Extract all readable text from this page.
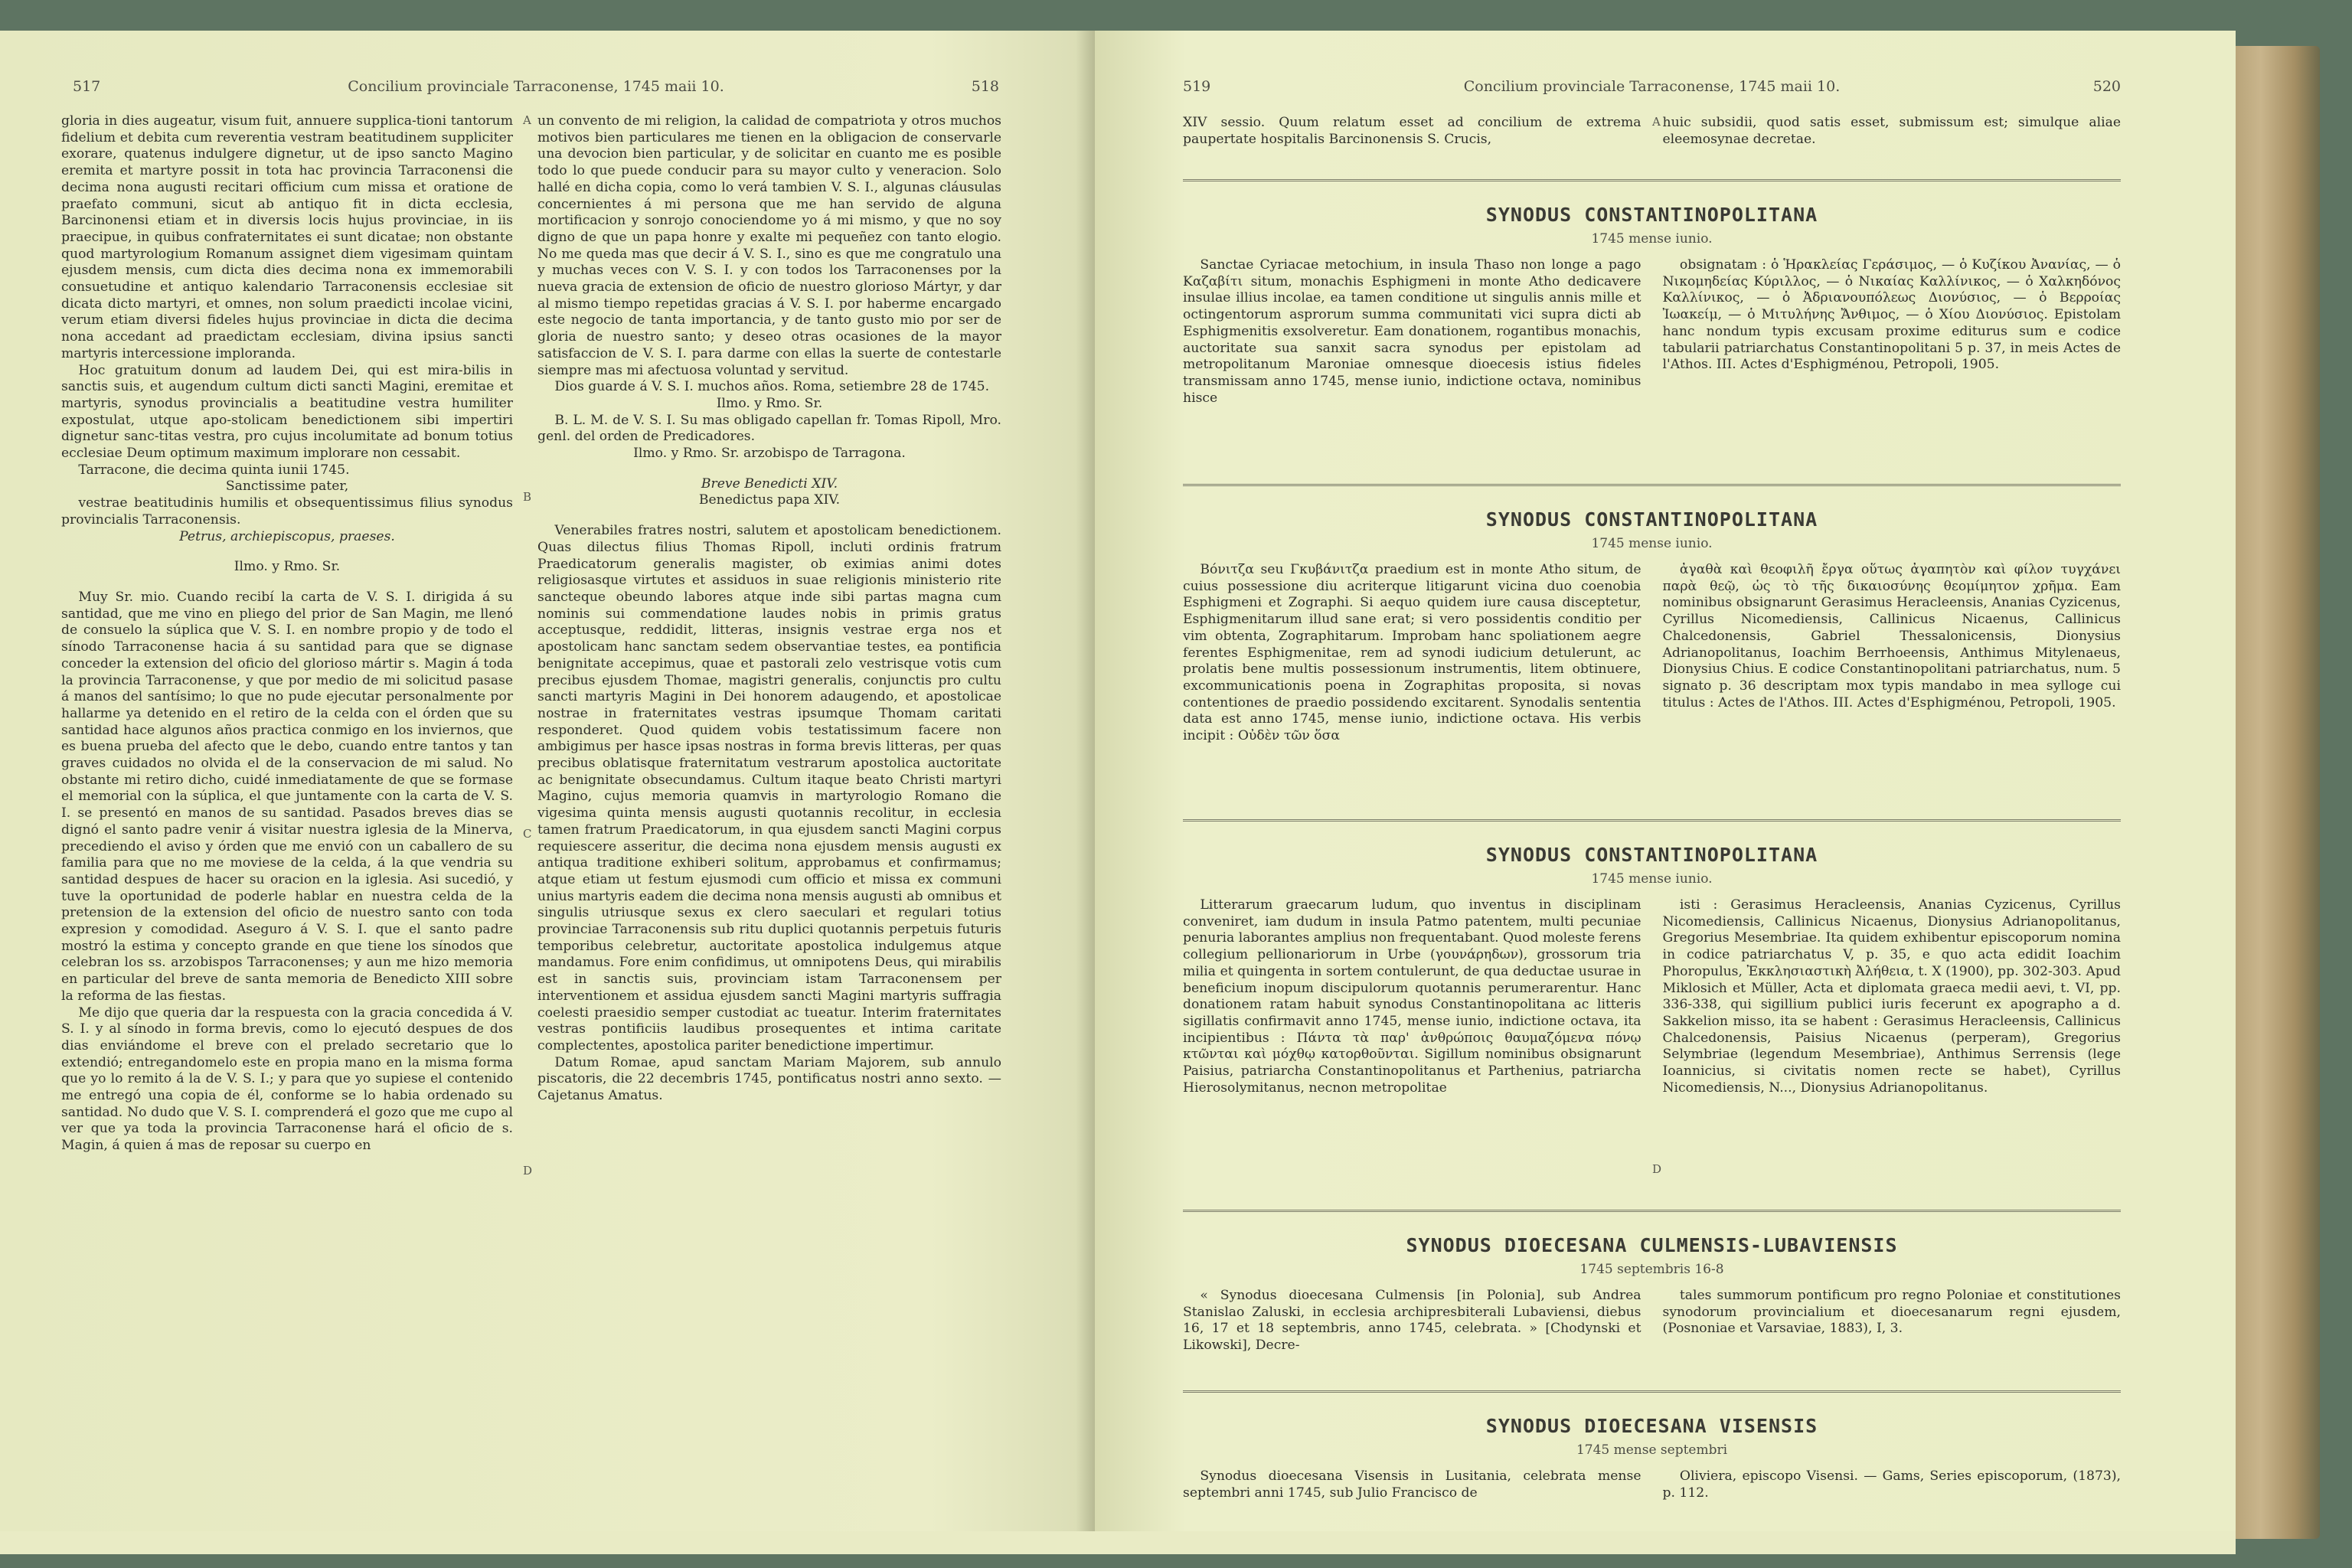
517	Concilium provinciale Tarraconense, 1745 maii 10.	518

gloria in dies augeatur, visum fuit, annuere supplica-tioni tantorum fidelium et debita cum reverentia vestram beatitudinem suppliciter exorare, quatenus indulgere dignetur, ut de ipso sancto Magino eremita et martyre possit in tota hac provincia Tarraconensi die decima nona augusti recitari officium cum missa et oratione de praefato communi, sicut ab antiquo fit in dicta ecclesia, Barcinonensi etiam et in diversis locis hujus provinciae, in iis praecipue, in quibus confraternitates ei sunt dicatae; non obstante quod martyrologium Romanum assignet diem vigesimam quintam ejusdem mensis, cum dicta dies decima nona ex immemorabili consuetudine et antiquo kalendario Tarraconensis ecclesiae sit dicata dicto martyri, et omnes, non solum praedicti incolae vicini, verum etiam diversi fideles hujus provinciae in dicta die decima nona accedant ad praedictam ecclesiam, divina ipsius sancti martyris intercessione imploranda.

Hoc gratuitum donum ad laudem Dei, qui est mira-bilis in sanctis suis, et augendum cultum dicti sancti Magini, eremitae et martyris, synodus provincialis a beatitudine vestra humiliter expostulat, utque apo-stolicam benedictionem sibi impertiri dignetur sanc-titas vestra, pro cujus incolumitate ad bonum totius ecclesiae Deum optimum maximum implorare non cessabit.

Tarracone, die decima quinta iunii 1745.

Sanctissime pater,

vestrae beatitudinis humilis et obsequentissimus filius synodus provincialis Tarraconensis.

Petrus, archiepiscopus, praeses.

Ilmo. y Rmo. Sr.

Muy Sr. mio. Cuando recibí la carta de V. S. I. dirigida á su santidad, que me vino en pliego del prior de San Magin, me llenó de consuelo la súplica que V. S. I. en nombre propio y de todo el sínodo Tarraconense hacia á su santidad para que se dignase conceder la extension del oficio del glorioso mártir s. Magin á toda la provincia Tarraconense, y que por medio de mi solicitud pasase á manos del santísimo; lo que no pude ejecutar personalmente por hallarme ya detenido en el retiro de la celda con el órden que su santidad hace algunos años practica conmigo en los inviernos, que es buena prueba del afecto que le debo, cuando entre tantos y tan graves cuidados no olvida el de la conservacion de mi salud. No obstante mi retiro dicho, cuidé inmediatamente de que se formase el memorial con la súplica, el que juntamente con la carta de V. S. I. se presentó en manos de su santidad. Pasados breves dias se dignó el santo padre venir á visitar nuestra iglesia de la Minerva, precediendo el aviso y órden que me envió con un caballero de su familia para que no me moviese de la celda, á la que vendria su santidad despues de hacer su oracion en la iglesia. Asi sucedió, y tuve la oportunidad de poderle hablar en nuestra celda de la pretension de la extension del oficio de nuestro santo con toda expresion y comodidad. Aseguro á V. S. I. que el santo padre mostró la estima y concepto grande en que tiene los sínodos que celebran los ss. arzobispos Tarraconenses; y aun me hizo memoria en particular del breve de santa memoria de Benedicto XIII sobre la reforma de las fiestas.

Me dijo que queria dar la respuesta con la gracia concedida á V. S. I. y al sínodo in forma brevis, como lo ejecutó despues de dos dias enviándome el breve con el prelado secretario que lo extendió; entregandomelo este en propia mano en la misma forma que yo lo remito á la de V. S. I.; y para que yo supiese el contenido me entregó una copia de él, conforme se lo habia ordenado su santidad. No dudo que V. S. I. comprenderá el gozo que me cupo al ver que ya toda la provincia Tarraconense hará el oficio de s. Magin, á quien á mas de reposar su cuerpo en

un convento de mi religion, la calidad de compatriota y otros muchos motivos bien particulares me tienen en la obligacion de conservarle una devocion bien particular, y de solicitar en cuanto me es posible todo lo que puede conducir para su mayor culto y veneracion. Solo hallé en dicha copia, como lo verá tambien V. S. I., algunas cláusulas concernientes á mi persona que me han servido de alguna mortificacion y sonrojo conociendome yo á mi mismo, y que no soy digno de que un papa honre y exalte mi pequeñez con tanto elogio. No me queda mas que decir á V. S. I., sino es que me congratulo una y muchas veces con V. S. I. y con todos los Tarraconenses por la nueva gracia de extension de oficio de nuestro glorioso Mártyr, y dar al mismo tiempo repetidas gracias á V. S. I. por haberme encargado este negocio de tanta importancia, y de tanto gusto mio por ser de gloria de nuestro santo; y deseo otras ocasiones de la mayor satisfaccion de V. S. I. para darme con ellas la suerte de contestarle siempre mas mi afectuosa voluntad y servitud.

Dios guarde á V. S. I. muchos años. Roma, setiembre 28 de 1745.

Ilmo. y Rmo. Sr.

B. L. M. de V. S. I. Su mas obligado capellan fr. Tomas Ripoll, Mro. genl. del orden de Predicadores.

Ilmo. y Rmo. Sr. arzobispo de Tarragona.

Breve Benedicti XIV.

Benedictus papa XIV.

Venerabiles fratres nostri, salutem et apostolicam benedictionem. Quas dilectus filius Thomas Ripoll, incluti ordinis fratrum Praedicatorum generalis magister, ob eximias animi dotes religiosasque virtutes et assiduos in suae religionis ministerio rite sancteque obeundo labores atque inde sibi partas magna cum nominis sui commendatione laudes nobis in primis gratus acceptusque, reddidit, litteras, insignis vestrae erga nos et apostolicam hanc sanctam sedem observantiae testes, ea pontificia benignitate accepimus, quae et pastorali zelo vestrisque votis cum precibus ejusdem Thomae, magistri generalis, conjunctis pro cultu sancti martyris Magini in Dei honorem adaugendo, et apostolicae nostrae in fraternitates vestras ipsumque Thomam caritati responderet. Quod quidem vobis testatissimum facere non ambigimus per hasce ipsas nostras in forma brevis litteras, per quas precibus oblatisque fraternitatum vestrarum apostolica auctoritate ac benignitate obsecundamus. Cultum itaque beato Christi martyri Magino, cujus memoria quamvis in martyrologio Romano die vigesima quinta mensis augusti quotannis recolitur, in ecclesia tamen fratrum Praedicatorum, in qua ejusdem sancti Magini corpus requiescere asseritur, die decima nona ejusdem mensis augusti ex antiqua traditione exhiberi solitum, approbamus et confirmamus; atque etiam ut festum ejusmodi cum officio et missa ex communi unius martyris eadem die decima nona mensis augusti ab omnibus et singulis utriusque sexus ex clero saeculari et regulari totius provinciae Tarraconensis sub ritu duplici quotannis perpetuis futuris temporibus celebretur, auctoritate apostolica indulgemus atque mandamus. Fore enim confidimus, ut omnipotens Deus, qui mirabilis est in sanctis suis, provinciam istam Tarraconensem per interventionem et assidua ejusdem sancti Magini martyris suffragia coelesti praesidio semper custodiat ac tueatur. Interim fraternitates vestras pontificiis laudibus prosequentes et intima caritate complectentes, apostolica pariter benedictione impertimur.

Datum Romae, apud sanctam Mariam Majorem, sub annulo piscatoris, die 22 decembris 1745, pontificatus nostri anno sexto. — Cajetanus Amatus.

A
B
C
D
519	Concilium provinciale Tarraconense, 1745 maii 10.	520
XIV sessio. Quum relatum esset ad concilium de extrema paupertate hospitalis Barcinonensis S. Crucis,
huic subsidii, quod satis esset, submissum est; simulque aliae eleemosynae decretae.
A
SYNODUS CONSTANTINOPOLITANA
1745 mense iunio.

Sanctae Cyriacae metochium, in insula Thaso non longe a pago Καζαβίτι situm, monachis Esphigmeni in monte Atho dedicavere insulae illius incolae, ea tamen conditione ut singulis annis mille et octingentorum asprorum summa communitati vici supra dicti ab Esphigmenitis exsolveretur. Eam donationem, rogantibus monachis, auctoritate sua sanxit sacra synodus per epistolam ad metropolitanum Maroniae omnesque dioecesis istius fideles transmissam anno 1745, mense iunio, indictione octava, nominibus hisce

obsignatam : ὁ Ἡρακλείας Γεράσιμος, — ὁ Κυζίκου Ἀνανίας, — ὁ Νικομηδείας Κύριλλος, — ὁ Νικαίας Καλλίνικος, — ὁ Χαλκηδόνος Καλλίνικος, — ὁ Ἀδριανουπόλεως Διονύσιος, — ὁ Βερροίας Ἰωακείμ, — ὁ Μιτυλήνης Ἄνθιμος, — ὁ Χίου Διονύσιος. Epistolam hanc nondum typis excusam proxime editurus sum e codice tabularii patriarchatus Constantinopolitani 5 p. 37, in meis Actes de l'Athos. III. Actes d'Esphigménou, Petropoli, 1905.

SYNODUS CONSTANTINOPOLITANA
1745 mense iunio.

Βόνιτζα seu Γκυβάνιτζα praedium est in monte Atho situm, de cuius possessione diu acriterque litigarunt vicina duo coenobia Esphigmeni et Zographi. Si aequo quidem iure causa disceptetur, Esphigmenitarum illud sane erat; si vero possidentis conditio per vim obtenta, Zographitarum. Improbam hanc spoliationem aegre ferentes Esphigmenitae, rem ad synodi iudicium detulerunt, ac prolatis bene multis possessionum instrumentis, litem obtinuere, excommunicationis poena in Zographitas proposita, si novas contentiones de praedio possidendo excitarent. Synodalis sententia data est anno 1745, mense iunio, indictione octava. His verbis incipit : Οὐδὲν τῶν ὅσα

ἀγαθὰ καὶ θεοφιλῆ ἔργα οὕτως ἀγαπητὸν καὶ φίλον τυγχάνει παρὰ θεῷ, ὡς τὸ τῆς δικαιοσύνης θεομίμητον χρῆμα. Eam nominibus obsignarunt Gerasimus Heracleensis, Ananias Cyzicenus, Cyrillus Nicomediensis, Callinicus Nicaenus, Callinicus Chalcedonensis, Gabriel Thessalonicensis, Dionysius Adrianopolitanus, Ioachim Berrhoeensis, Anthimus Mitylenaeus, Dionysius Chius. E codice Constantinopolitani patriarchatus, num. 5 signato p. 36 descriptam mox typis mandabo in mea sylloge cui titulus : Actes de l'Athos. III. Actes d'Esphigménou, Petropoli, 1905.

SYNODUS CONSTANTINOPOLITANA
1745 mense iunio.

Litterarum graecarum ludum, quo inventus in disciplinam conveniret, iam dudum in insula Patmo patentem, multi pecuniae penuria laborantes amplius non frequentabant. Quod moleste ferens collegium pellionariorum in Urbe (γουνάρηδων), grossorum tria milia et quingenta in sortem contulerunt, de qua deductae usurae in beneficium inopum discipulorum quotannis perumerarentur. Hanc donationem ratam habuit synodus Constantinopolitana ac litteris sigillatis confirmavit anno 1745, mense iunio, indictione octava, ita incipientibus : Πάντα τὰ παρ' ἀνθρώποις θαυμαζόμενα πόνῳ κτῶνται καὶ μόχθῳ κατορθοῦνται. Sigillum nominibus obsignarunt Paisius, patriarcha Constantinopolitanus et Parthenius, patriarcha Hierosolymitanus, necnon metropolitae

isti : Gerasimus Heracleensis, Ananias Cyzicenus, Cyrillus Nicomediensis, Callinicus Nicaenus, Dionysius Adrianopolitanus, Gregorius Mesembriae. Ita quidem exhibentur episcoporum nomina in codice patriarchatus V, p. 35, e quo acta edidit Ioachim Phoropulus, Ἐκκλησιαστικὴ Ἀλήθεια, t. X (1900), pp. 302-303. Apud Miklosich et Müller, Acta et diplomata graeca medii aevi, t. VI, pp. 336-338, qui sigillium publici iuris fecerunt ex apographo a d. Sakkelion misso, ita se habent : Gerasimus Heracleensis, Callinicus Chalcedonensis, Paisius Nicaenus (perperam), Gregorius Selymbriae (legendum Mesembriae), Anthimus Serrensis (lege Ioannicius, si civitatis nomen recte se habet), Cyrillus Nicomediensis, N..., Dionysius Adrianopolitanus.

D
SYNODUS DIOECESANA CULMENSIS-LUBAVIENSIS
1745 septembris 16-8

« Synodus dioecesana Culmensis [in Polonia], sub Andrea Stanislao Zaluski, in ecclesia archipresbiterali Lubaviensi, diebus 16, 17 et 18 septembris, anno 1745, celebrata. » [Chodynski et Likowski], Decre-

tales summorum pontificum pro regno Poloniae et constitutiones synodorum provincialium et dioecesanarum regni ejusdem, (Posnoniae et Varsaviae, 1883), I, 3.

SYNODUS DIOECESANA VISENSIS
1745 mense septembri

Synodus dioecesana Visensis in Lusitania, celebrata mense septembri anni 1745, sub Julio Francisco de

Oliviera, episcopo Visensi. — Gams, Series episcoporum, (1873), p. 112.
